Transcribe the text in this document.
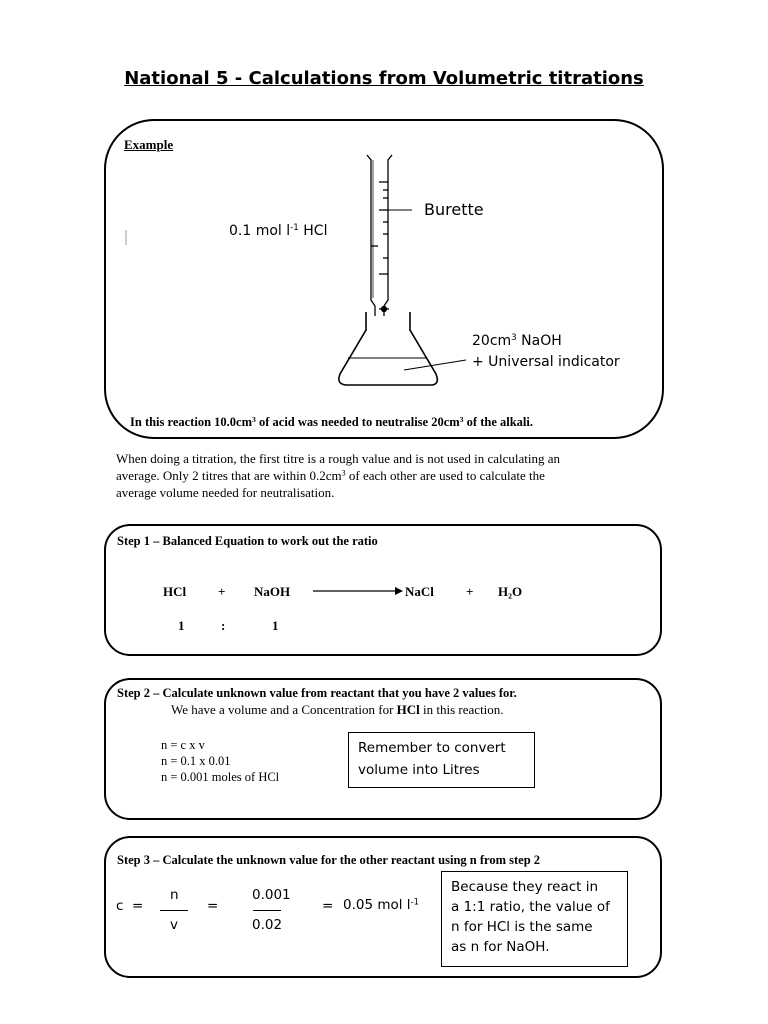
National 5 - Calculations from Volumetric titrations
Example
0.1 mol $l^{-1}$ HCl
Burette
$20cm^3$ NaOH
+ Universal indicator
In this reaction $10.0cm^3$ of acid was needed to neutralise $20cm^3$ of the alkali.
When doing a titration, the first titre is a rough value and is not used in calculating an
average. Only 2 titres that are within $0.2cm^3$ of each other are used to calculate the
average volume needed for neutralisation.
Step 1 – Balanced Equation to work out the ratio
HCl + NaOH	NaCl + H₂O
1	:	1
Step 2 – Calculate unknown value from reactant that you have 2 values for.
We have a volume and a Concentration for HCl in this reaction.
n = c x v
n = 0.1 x 0.01
n = 0.001 moles of HCl
Remember to convert
volume into Litres
Step 3 – Calculate the unknown value for the other reactant using n from step 2
c =
n
v
=
0.001
0.02
= 0.05 mol $l^{-1}$
Because they react in
a 1:1 ratio, the value of
n for HCl is the same
as n for NaOH.
